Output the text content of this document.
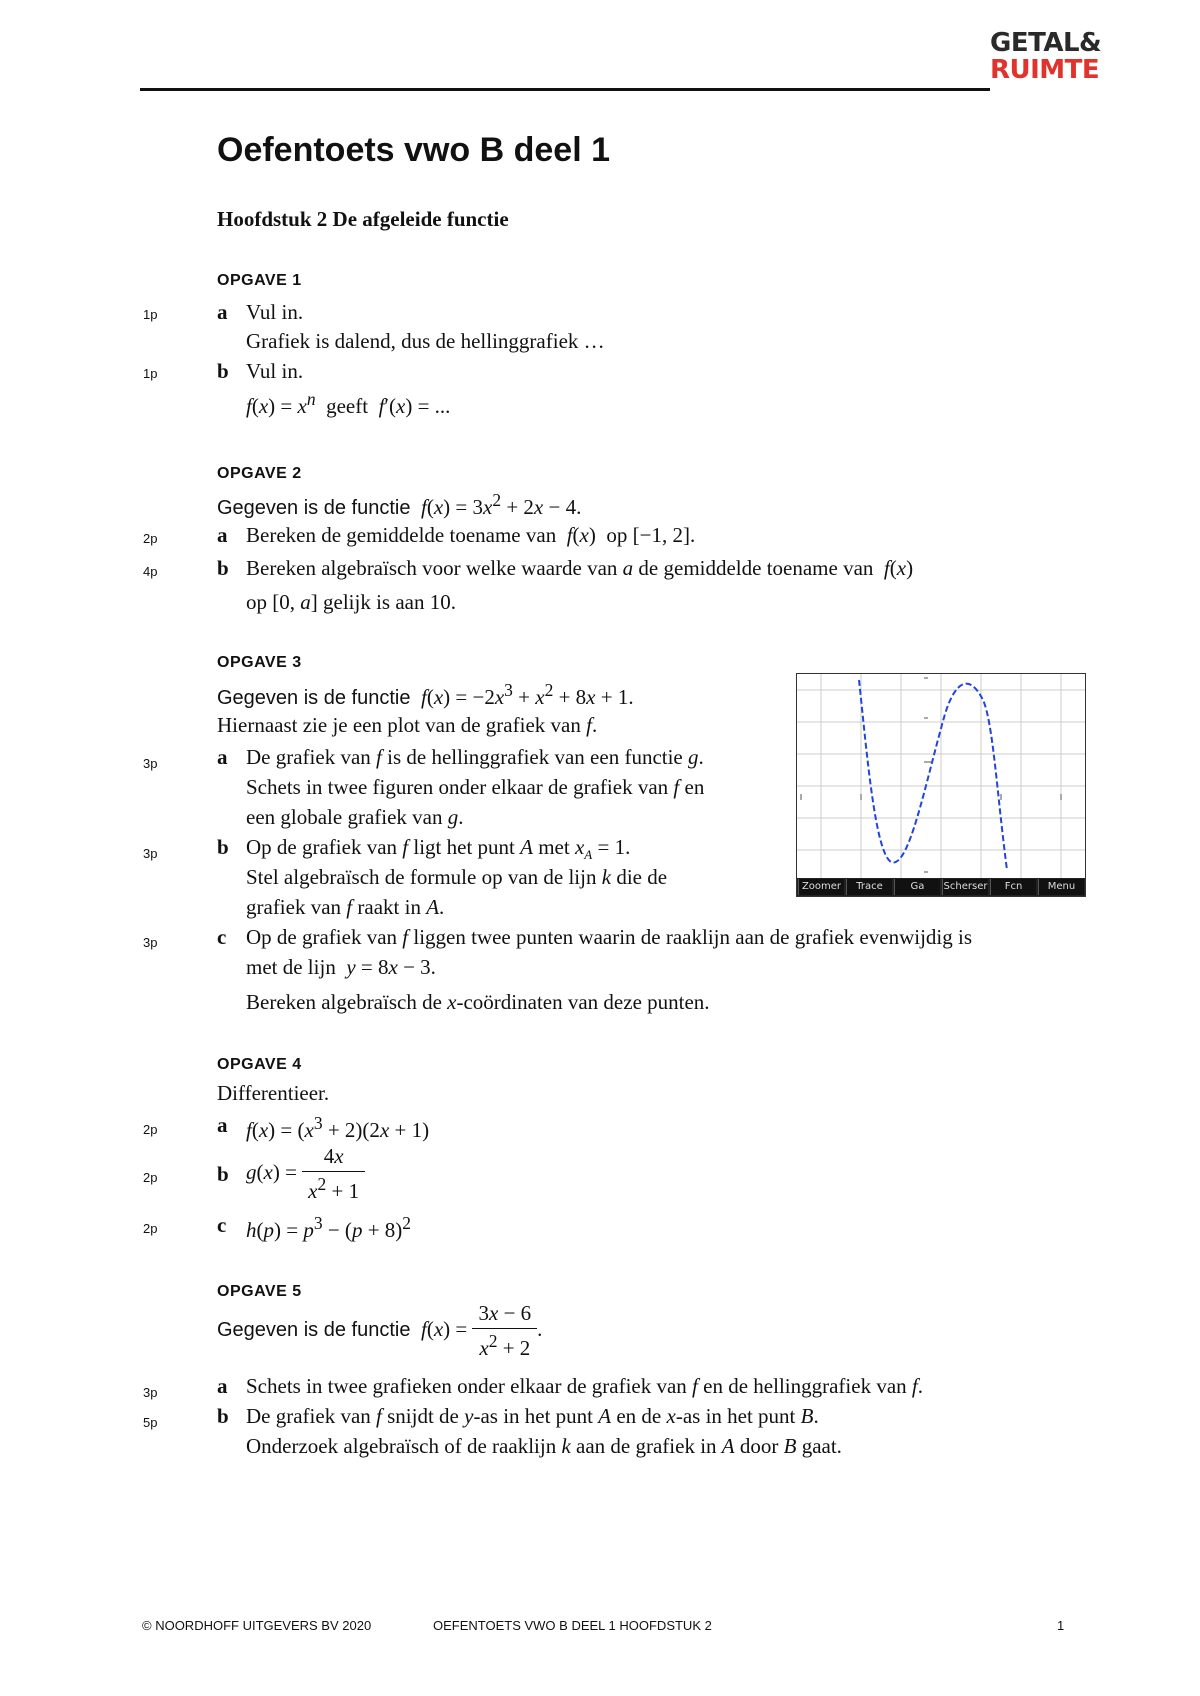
GETAL&
RUIMTE
Oefentoets vwo B deel 1
Hoofdstuk 2 De afgeleide functie
OPGAVE 1
1p	a Vul in.
Grafiek is dalend, dus de hellinggrafiek …
1p	b Vul in.
$f(x) = x^n$ geeft f′(x) = ...
OPGAVE 2
Gegeven is de functie $f(x) = 3x^2 + 2x - 4$.
2p	a Bereken de gemiddelde toename van f(x)  op [−1, 2].
4p	b Bereken algebraïsch voor welke waarde van a de gemiddelde toename van f(x)
op [0, a] gelijk is aan 10.
OPGAVE 3
Gegeven is de functie $f(x) = -2x^3 + x^2 + 8x + 1$.
Hiernaast zie je een plot van de grafiek van f.
3p	a De grafiek van f is de hellinggrafiek van een functie g.
Schets in twee figuren onder elkaar de grafiek van f en
een globale grafiek van g.
3p	b Op de grafiek van f ligt het punt A met $x_A = 1$.
Stel algebraïsch de formule op van de lijn k die de
grafiek van f raakt in A.
3p	c Op de grafiek van f liggen twee punten waarin de raaklijn aan de grafiek evenwijdig is
met de lijn y = 8x − 3.
Bereken algebraïsch de x-coördinaten van deze punten.
Zoomer	Trace	Ga	Scherser	Fcn	Menu
OPGAVE 4
Differentieer.
2p	a $f(x) = (x^3 + 2)(2x + 1)$
2p	b $g(x) = \frac{4x}{x^2 + 1}$
2p	c $h(p) = p^3 - (p + 8)^2$
OPGAVE 5
Gegeven is de functie $f(x) = \frac{3x - 6}{x^2 + 2}$ .
3p	a Schets in twee grafieken onder elkaar de grafiek van f en de hellinggrafiek van f.
5p	b De grafiek van f snijdt de y-as in het punt A en de x-as in het punt B.
Onderzoek algebraïsch of de raaklijn k aan de grafiek in A door B gaat.
© NOORDHOFF UITGEVERS BV 2020	OEFENTOETS VWO B DEEL 1 HOOFDSTUK 2	1
